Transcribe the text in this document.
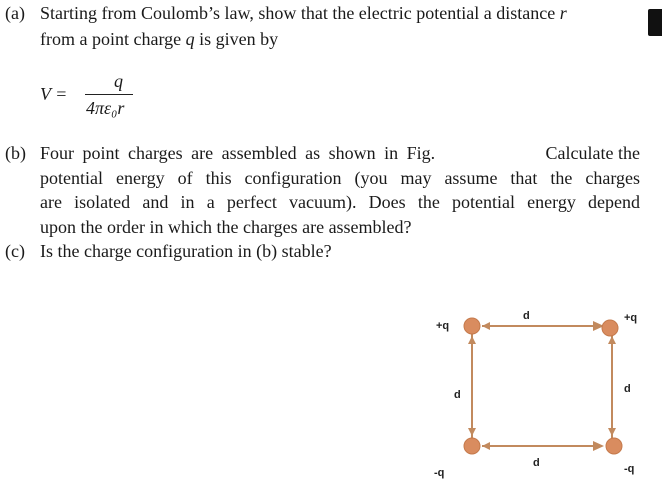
(a) Starting from Coulomb’s law, show that the electric potential a distance r
from a point charge q is given by
V =
q
4πε₀r
(b) Four point charges are assembled as shown in Fig.	Calculate the
potential energy of this configuration (you may assume that the charges
are isolated and in a perfect vacuum). Does the potential energy depend
upon the order in which the charges are assembled?
(c) Is the charge configuration in (b) stable?
+q
+q
-q	-q
d
d
d	d
